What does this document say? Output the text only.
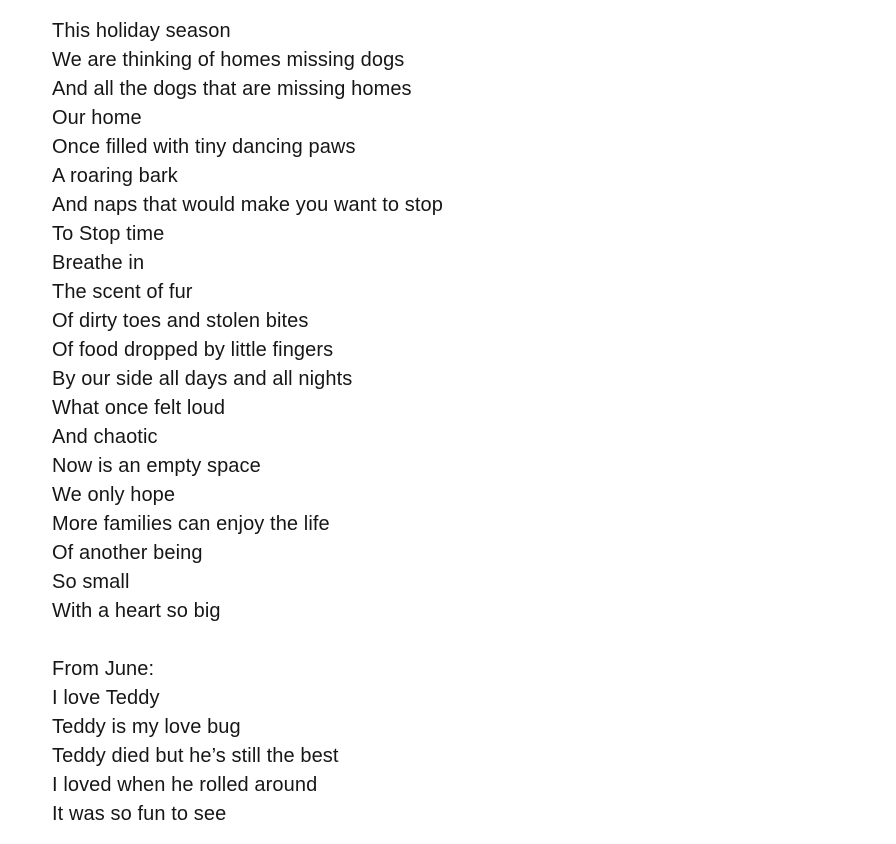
This holiday season
We are thinking of homes missing dogs
And all the dogs that are missing homes
Our home
Once filled with tiny dancing paws
A roaring bark
And naps that would make you want to stop
To Stop time
Breathe in
The scent of fur
Of dirty toes and stolen bites
Of food dropped by little fingers
By our side all days and all nights
What once felt loud
And chaotic
Now is an empty space
We only hope
More families can enjoy the life
Of another being
So small
With a heart so big
From June:
I love Teddy
Teddy is my love bug
Teddy died but he’s still the best
I loved when he rolled around
It was so fun to see
